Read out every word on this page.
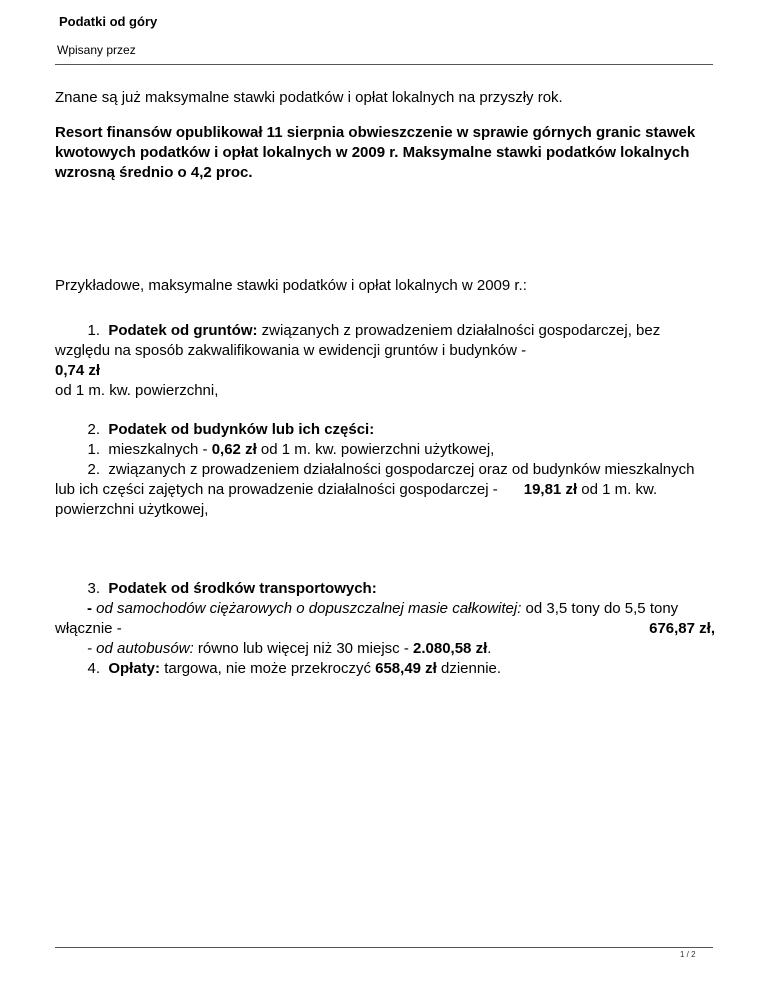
Podatki od góry
Wpisany przez

Znane są już maksymalne stawki podatków i opłat lokalnych na przyszły rok.

Resort finansów opublikował 11 sierpnia obwieszczenie w sprawie górnych granic stawek kwotowych podatków i opłat lokalnych w 2009 r. Maksymalne stawki podatków lokalnych wzrosną średnio o 4,2 proc.

Przykładowe, maksymalne stawki podatków i opłat lokalnych w 2009 r.:

1. Podatek od gruntów: związanych z prowadzeniem działalności gospodarczej, bez względu na sposób zakwalifikowania w ewidencji gruntów i budynków -
0,74 zł
od 1 m. kw. powierzchni,

2. Podatek od budynków lub ich części:
1. mieszkalnych - 0,62 zł od 1 m. kw. powierzchni użytkowej,
2. związanych z prowadzeniem działalności gospodarczej oraz od budynków mieszkalnych lub ich części zajętych na prowadzenie działalności gospodarczej - 19,81 zł od 1 m. kw. powierzchni użytkowej,

3. Podatek od środków transportowych:
- od samochodów ciężarowych o dopuszczalnej masie całkowitej: od 3,5 tony do 5,5 tony włącznie -	676,87 zł,

- od autobusów: równo lub więcej niż 30 miejsc - 2.080,58 zł.

4. Opłaty: targowa, nie może przekroczyć 658,49 zł dziennie.

1 / 2
